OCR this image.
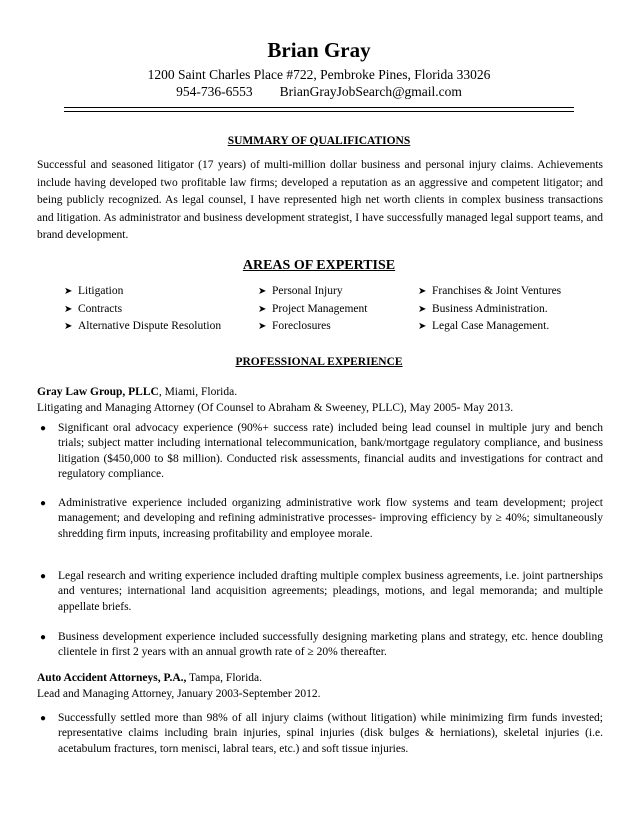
Brian Gray
1200 Saint Charles Place #722, Pembroke Pines, Florida 33026
954-736-6553 BrianGrayJobSearch@gmail.com
SUMMARY OF QUALIFICATIONS
Successful and seasoned litigator (17 years) of multi-million dollar business and personal injury claims. Achievements include having developed two profitable law firms; developed a reputation as an aggressive and competent litigator; and being publicly recognized. As legal counsel, I have represented high net worth clients in complex business transactions and litigation. As administrator and business development strategist, I have successfully managed legal support teams, and brand development.
AREAS OF EXPERTISE
➤ Litigation
➤ Contracts
➤ Alternative Dispute Resolution
➤ Personal Injury
➤ Project Management
➤ Foreclosures
➤ Franchises & Joint Ventures
➤ Business Administration.
➤ Legal Case Management.
PROFESSIONAL EXPERIENCE
Gray Law Group, PLLC, Miami, Florida.
Litigating and Managing Attorney (Of Counsel to Abraham & Sweeney, PLLC), May 2005- May 2013.
● Significant oral advocacy experience (90%+ success rate) included being lead counsel in multiple jury and bench trials; subject matter including international telecommunication, bank/mortgage regulatory compliance, and business litigation ($450,000 to $8 million). Conducted risk assessments, financial audits and investigations for contract and regulatory compliance.
● Administrative experience included organizing administrative work flow systems and team development; project management; and developing and refining administrative processes- improving efficiency by ≥ 40%; simultaneously shredding firm inputs, increasing profitability and employee morale.
● Legal research and writing experience included drafting multiple complex business agreements, i.e. joint partnerships and ventures; international land acquisition agreements; pleadings, motions, and legal memoranda; and multiple appellate briefs.
● Business development experience included successfully designing marketing plans and strategy, etc. hence doubling clientele in first 2 years with an annual growth rate of ≥ 20% thereafter.
Auto Accident Attorneys, P.A., Tampa, Florida.
Lead and Managing Attorney, January 2003-September 2012.
● Successfully settled more than 98% of all injury claims (without litigation) while minimizing firm funds invested; representative claims including brain injuries, spinal injuries (disk bulges & herniations), skeletal injuries (i.e. acetabulum fractures, torn menisci, labral tears, etc.) and soft tissue injuries.
